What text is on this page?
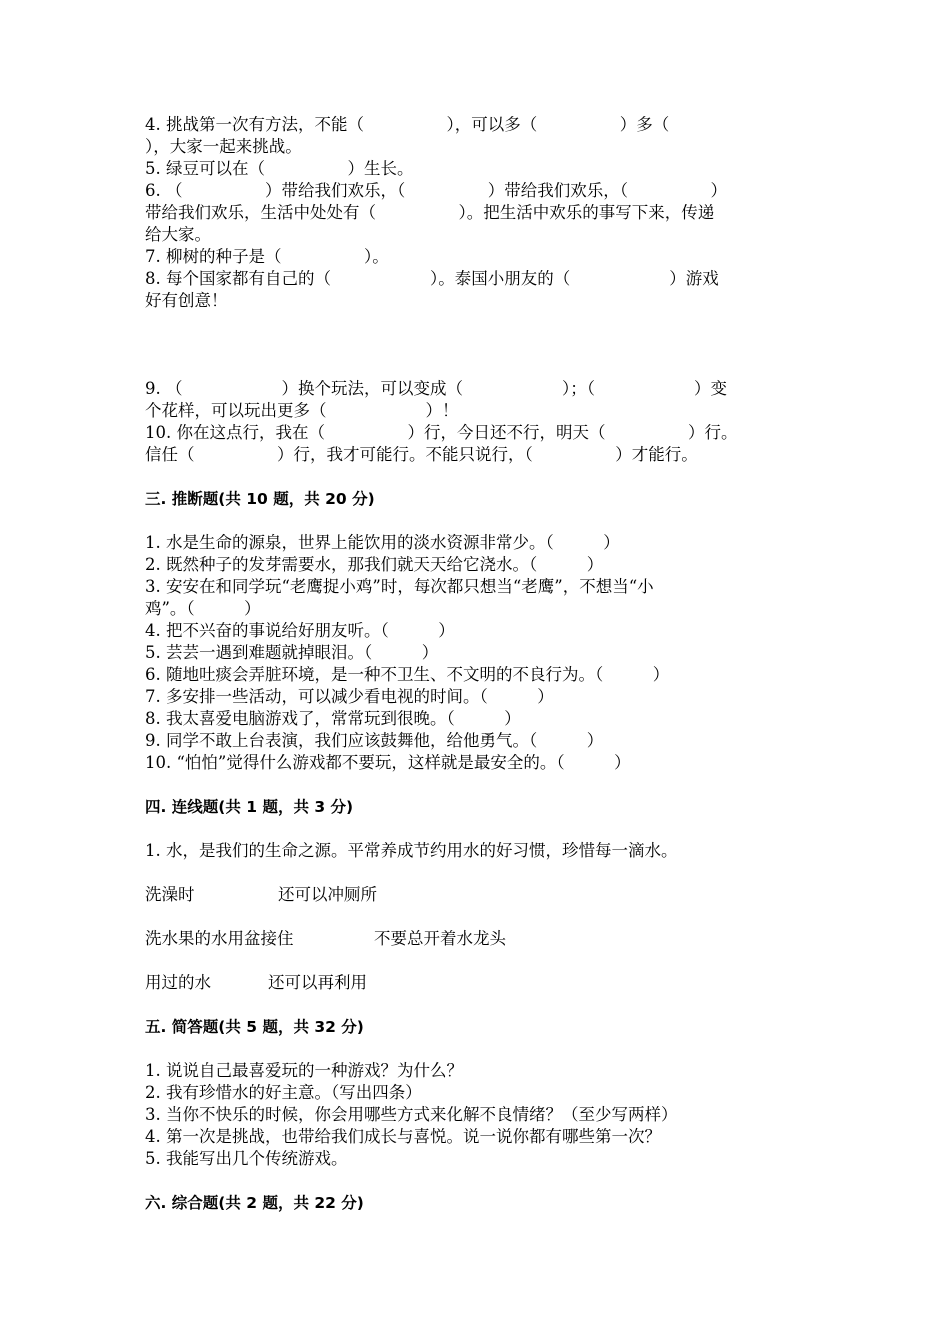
4. 挑战第一次有方法，不能（　　　　　），可以多（　　　　　）多（

），大家一起来挑战。

5. 绿豆可以在（　　　　　）生长。

6. （　　　　　）带给我们欢乐，（　　　　　）带给我们欢乐，（　　　　　）

带给我们欢乐，生活中处处有（　　　　　）。把生活中欢乐的事写下来，传递

给大家。

7. 柳树的种子是（　　　　　）。

8. 每个国家都有自己的（　　　　　　）。泰国小朋友的（　　　　　　）游戏

好有创意！

9. （　　　　　　）换个玩法，可以变成（　　　　　　）；（　　　　　　）变

个花样，可以玩出更多（　　　　　　）！

10. 你在这点行，我在（　　　　　）行，今日还不行，明天（　　　　　）行。

信任（　　　　　）行，我才可能行。不能只说行，（　　　　　）才能行。

三. 推断题(共 10 题，共 20 分)

1. 水是生命的源泉，世界上能饮用的淡水资源非常少。（　　　）

2. 既然种子的发芽需要水，那我们就天天给它浇水。（　　　）

3. 安安在和同学玩“老鹰捉小鸡”时，每次都只想当“老鹰”，不想当“小

鸡”。（　　　）

4. 把不兴奋的事说给好朋友听。（　　　）

5. 芸芸一遇到难题就掉眼泪。（　　　）

6. 随地吐痰会弄脏环境，是一种不卫生、不文明的不良行为。（　　　）

7. 多安排一些活动，可以减少看电视的时间。（　　　）

8. 我太喜爱电脑游戏了，常常玩到很晚。（　　　）

9. 同学不敢上台表演，我们应该鼓舞他，给他勇气。（　　　）

10. “怕怕”觉得什么游戏都不要玩，这样就是最安全的。（　　　）

四. 连线题(共 1 题，共 3 分)

1. 水，是我们的生命之源。平常养成节约用水的好习惯，珍惜每一滴水。

洗澡时	还可以冲厕所
洗水果的水用盆接住	不要总开着水龙头
用过的水	还可以再利用
五. 简答题(共 5 题，共 32 分)

1. 说说自己最喜爱玩的一种游戏？为什么？

2. 我有珍惜水的好主意。（写出四条）

3. 当你不快乐的时候，你会用哪些方式来化解不良情绪？（至少写两样）

4. 第一次是挑战，也带给我们成长与喜悦。说一说你都有哪些第一次？

5. 我能写出几个传统游戏。

六. 综合题(共 2 题，共 22 分)
